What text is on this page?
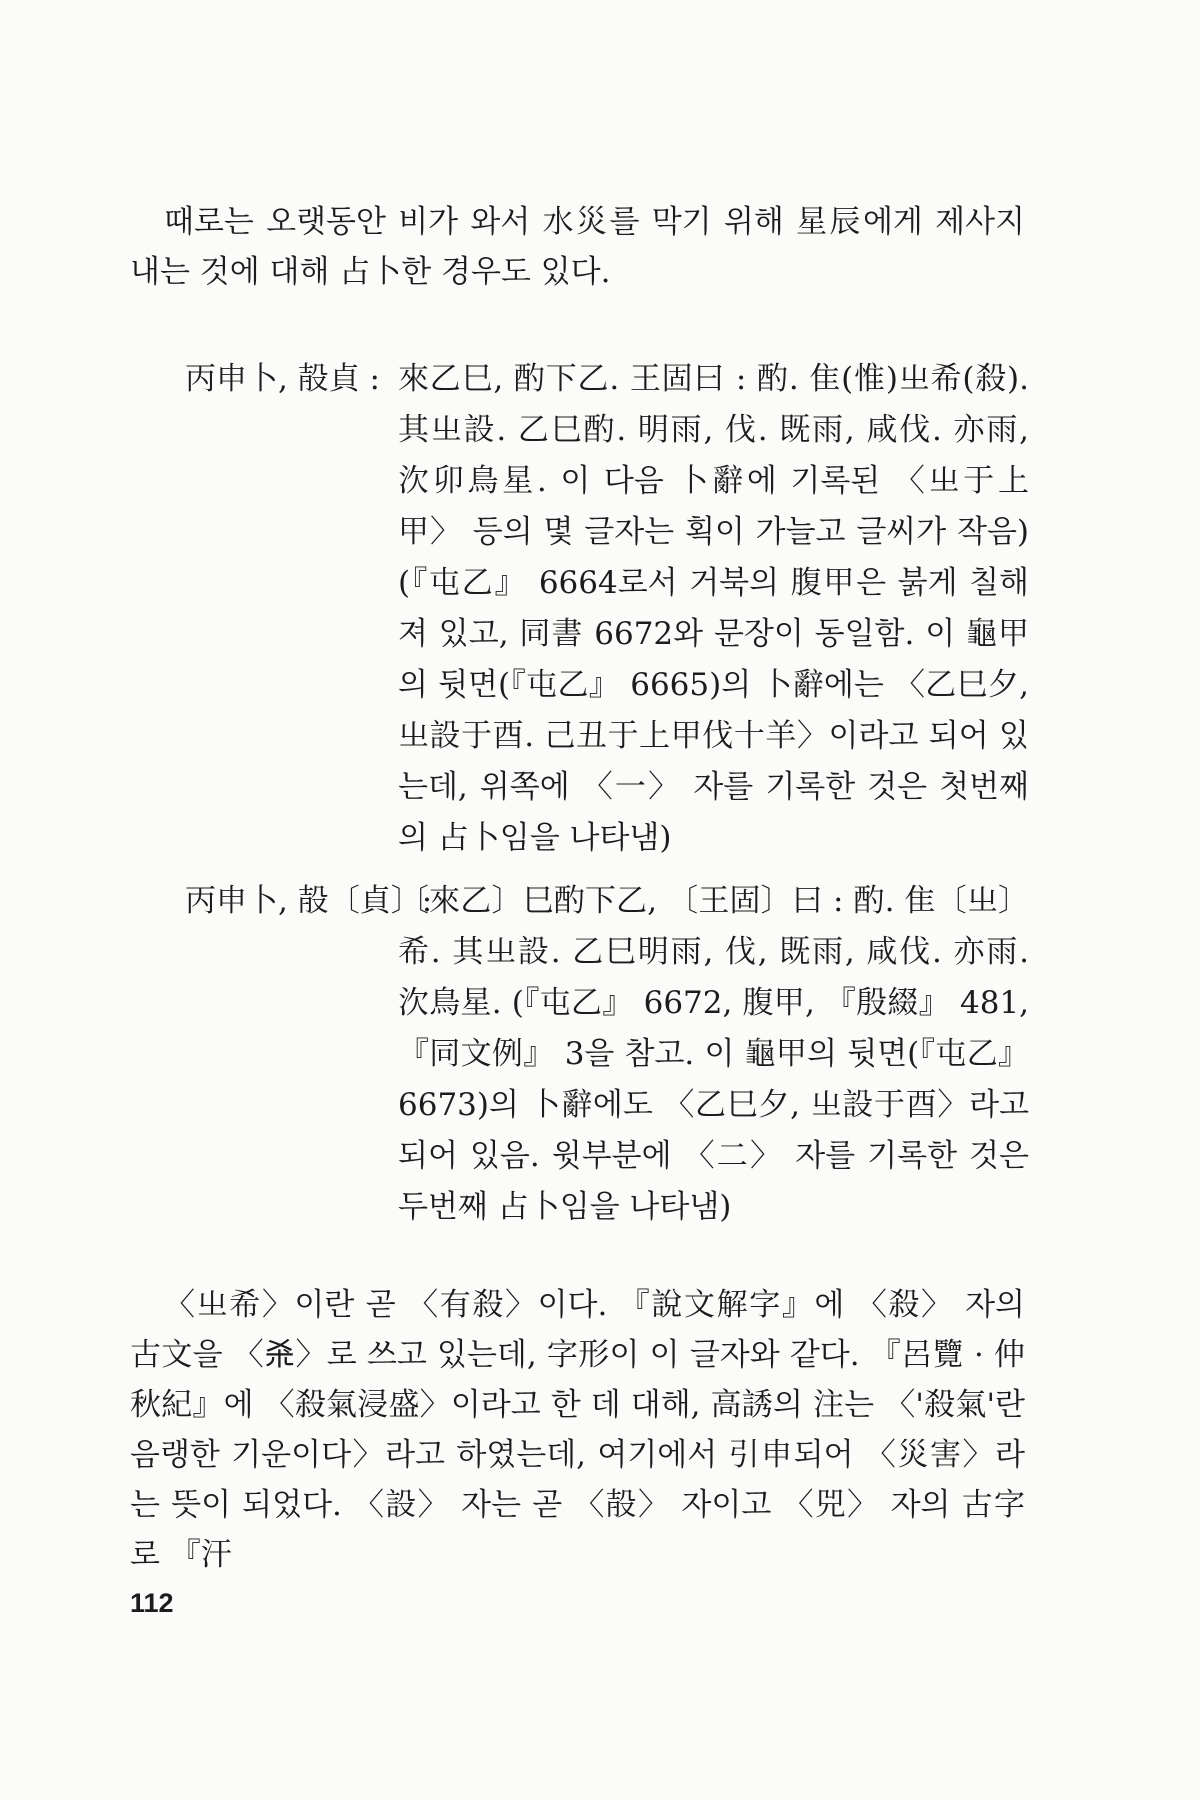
때로는 오랫동안 비가 와서 水災를 막기 위해 星辰에게 제사지내는 것에 대해 占卜한 경우도 있다.

丙申卜, 㱿貞 : 來乙巳, 酌下乙. 王固曰 : 酌. 隹(惟)㞢希(殺). 其㞢設. 乙巳酌. 明雨, 伐. 既雨, 咸伐. 亦雨, 㳄卯鳥星. 이 다음 卜辭에 기록된 〈㞢于上甲〉 등의 몇 글자는 획이 가늘고 글씨가 작음) (『屯乙』 6664로서 거북의 腹甲은 붉게 칠해져 있고, 同書 6672와 문장이 동일함. 이 龜甲의 뒷면(『屯乙』 6665)의 卜辭에는 〈乙巳夕, 㞢設于酉. 己丑于上甲伐十羊〉이라고 되어 있는데, 위쪽에 〈一〉 자를 기록한 것은 첫번째의 占卜임을 나타냄)

丙申卜, 㱿〔貞〕:

〔來乙〕巳酌下乙, 〔王固〕曰 : 酌. 隹〔㞢〕希. 其㞢設. 乙巳明雨, 伐, 既雨, 咸伐. 亦雨. 㳄鳥星. (『屯乙』 6672, 腹甲, 『殷綴』 481, 『同文例』 3을 참고. 이 龜甲의 뒷면(『屯乙』 6673)의 卜辭에도 〈乙巳夕, 㞢設于酉〉라고 되어 있음. 윗부분에 〈二〉 자를 기록한 것은 두번째 占卜임을 나타냄)

〈㞢希〉이란 곧 〈有殺〉이다. 『說文解字』에 〈殺〉 자의 古文을 〈𣏂〉로 쓰고 있는데, 字形이 이 글자와 같다. 『呂覽 · 仲秋紀』에 〈殺氣浸盛〉이라고 한 데 대해, 高誘의 注는 〈'殺氣'란 음랭한 기운이다〉라고 하였는데, 여기에서 引申되어 〈災害〉라는 뜻이 되었다. 〈設〉 자는 곧 〈㱿〉 자이고 〈兕〉 자의 古字로 『汗

112
